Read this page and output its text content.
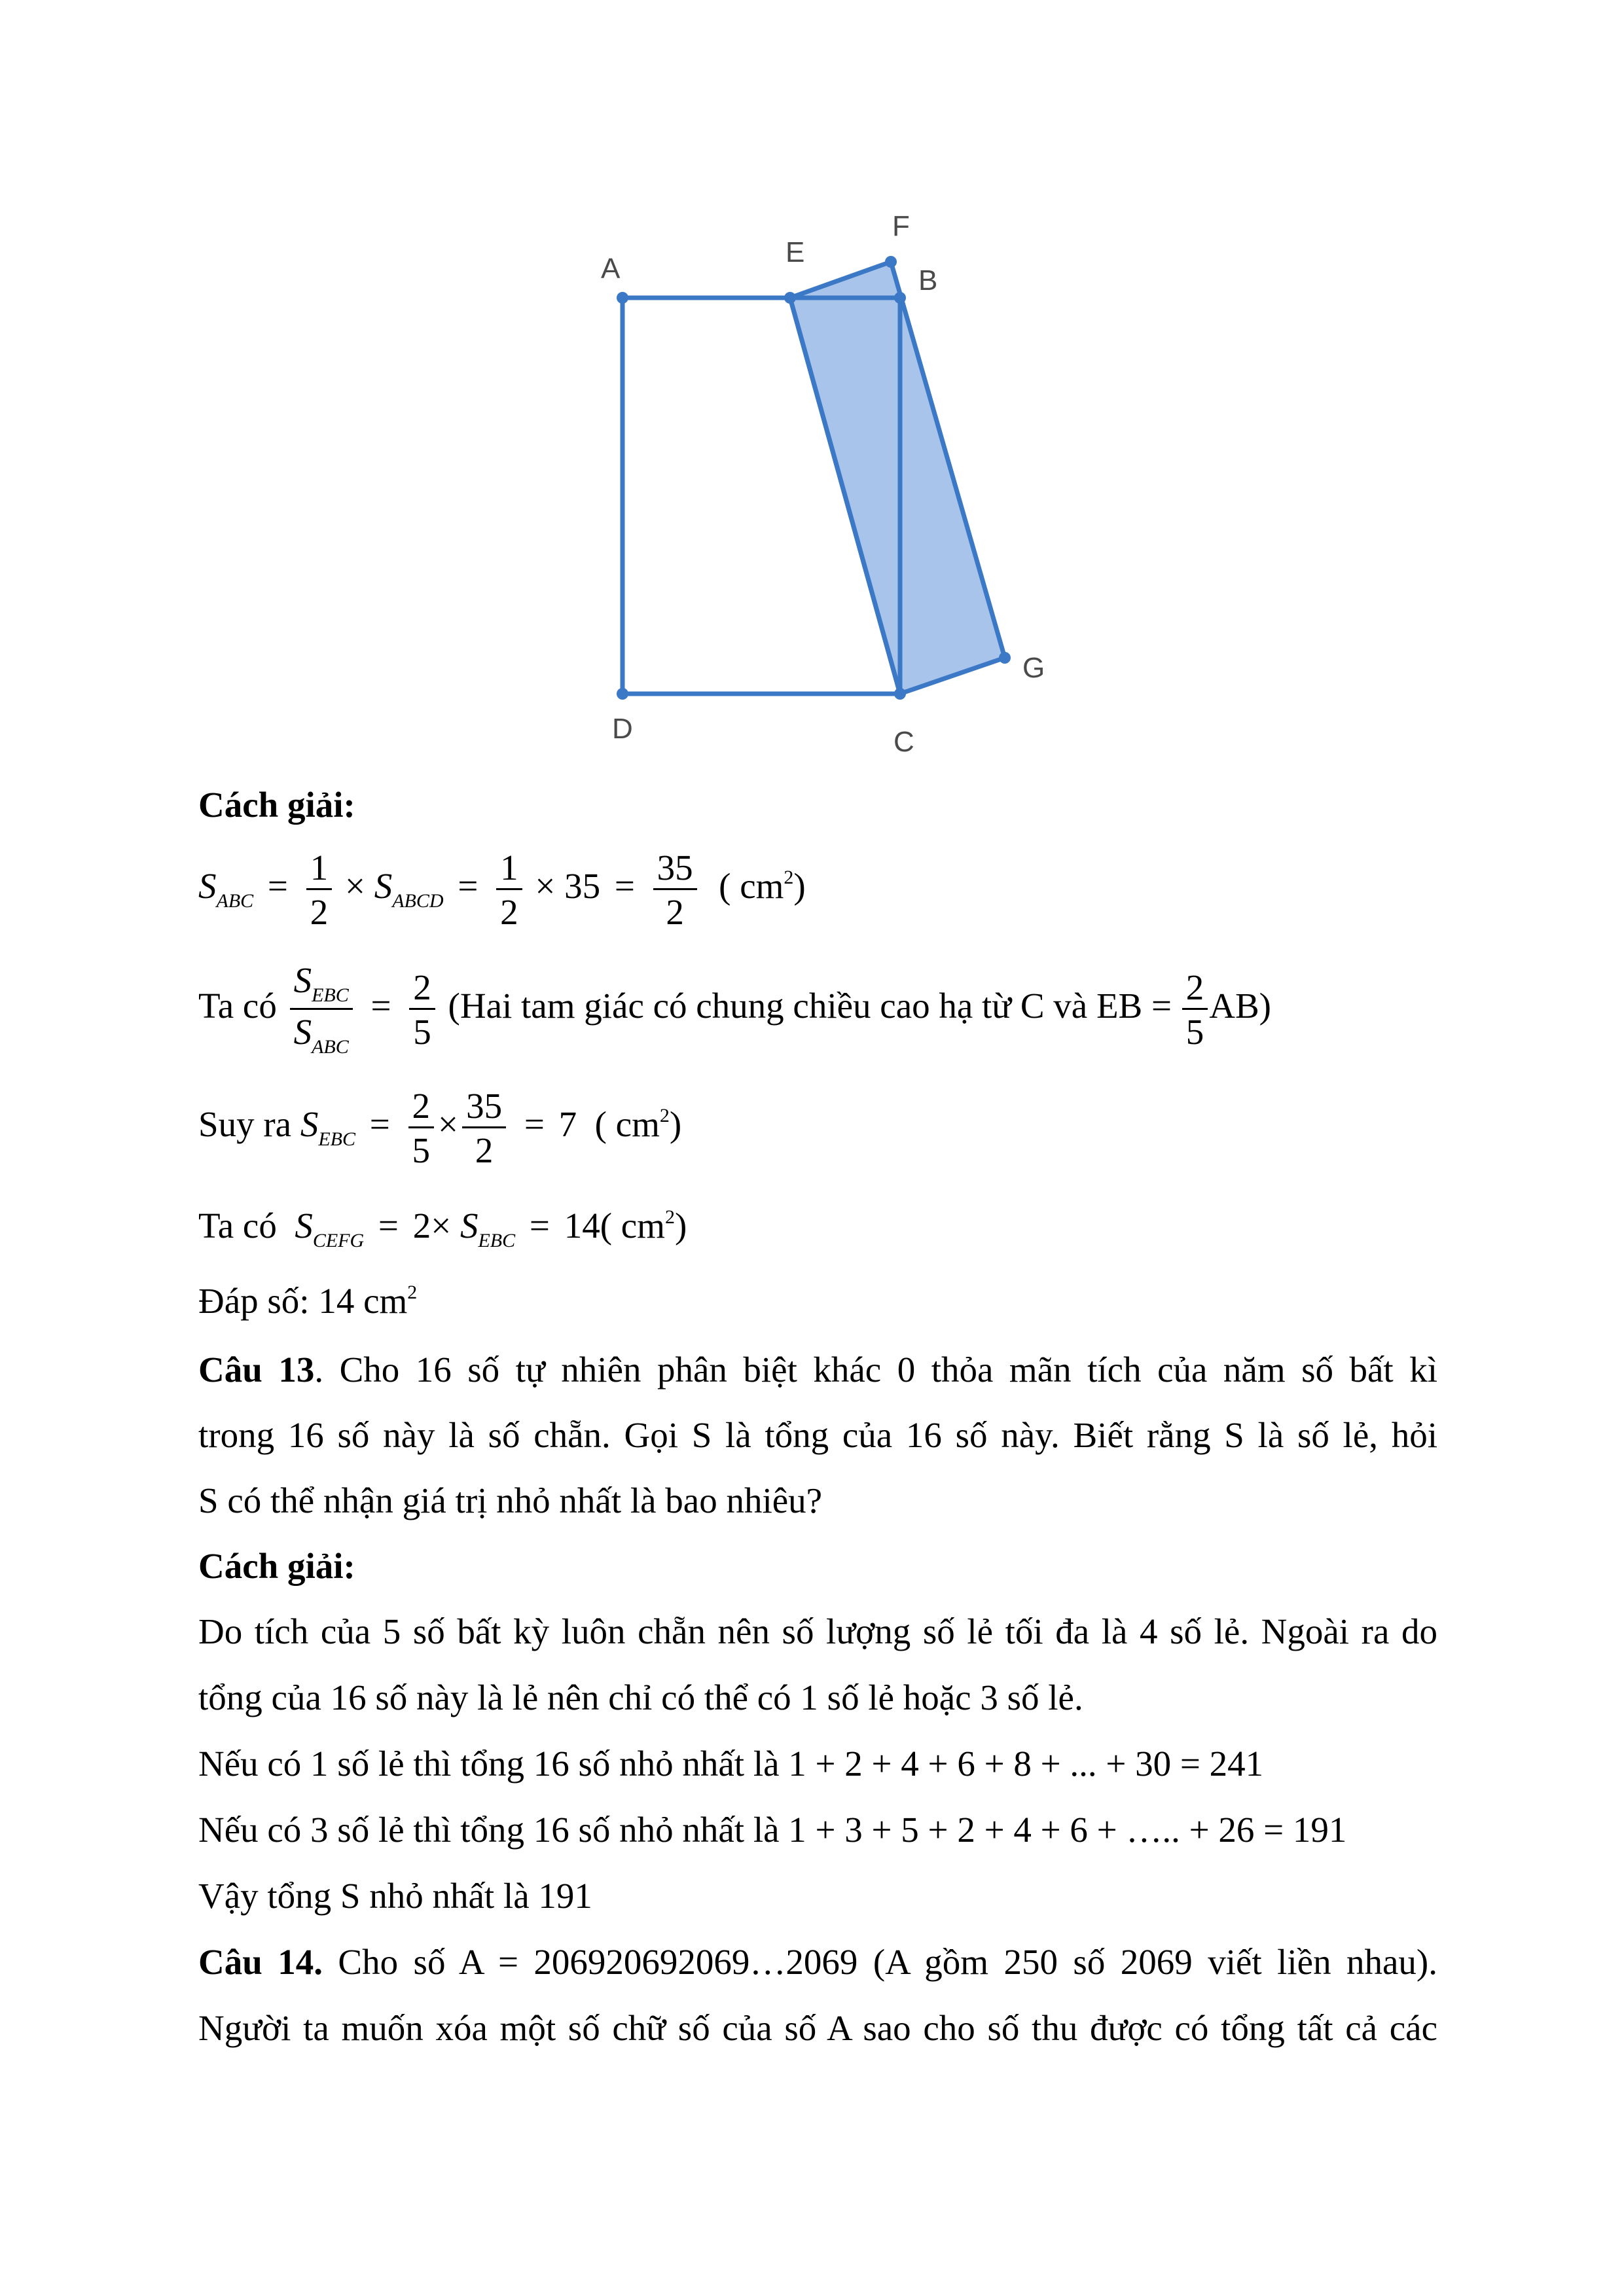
A
E
F
B
G
D	C
Cách giải:
$S_{ABC} = \frac{1}{2} \times S_{ABCD} = \frac{1}{2} \times 35 = \frac{35}{2}$ ( $cm^2$)
Ta có $\frac{S_{EBC}}{S_{ABC}} = \frac{2}{5} (Hai$ tam giác có chung chiều cao hạ từ C và EB = $\frac{2}{5} AB$)
Suy ra $S_{EBC} = \frac{2}{5} \times \frac{35}{2} = 7$ ( $cm^2$)
Ta có $S_{CEFG} = 2\times S_{EBC} = 14$( $cm^2$)
Đáp số: 14 $cm^2$
Câu 13. Cho 16 số tự nhiên phân biệt khác 0 thỏa mãn tích của năm số bất kì
trong 16 số này là số chẵn. Gọi S là tổng của 16 số này. Biết rằng S là số lẻ, hỏi
S có thể nhận giá trị nhỏ nhất là bao nhiêu?
Cách giải:
Do tích của 5 số bất kỳ luôn chẵn nên số lượng số lẻ tối đa là 4 số lẻ. Ngoài ra do
tổng của 16 số này là lẻ nên chỉ có thể có 1 số lẻ hoặc 3 số lẻ.
Nếu có 1 số lẻ thì tổng 16 số nhỏ nhất là 1 + 2 + 4 + 6 + 8 + ... + 30 = 241
Nếu có 3 số lẻ thì tổng 16 số nhỏ nhất là 1 + 3 + 5 + 2 + 4 + 6 + ….. + 26 = 191
Vậy tổng S nhỏ nhất là 191
Câu 14. Cho số A = 206920692069…2069 (A gồm 250 số 2069 viết liền nhau).
Người ta muốn xóa một số chữ số của số A sao cho số thu được có tổng tất cả các
